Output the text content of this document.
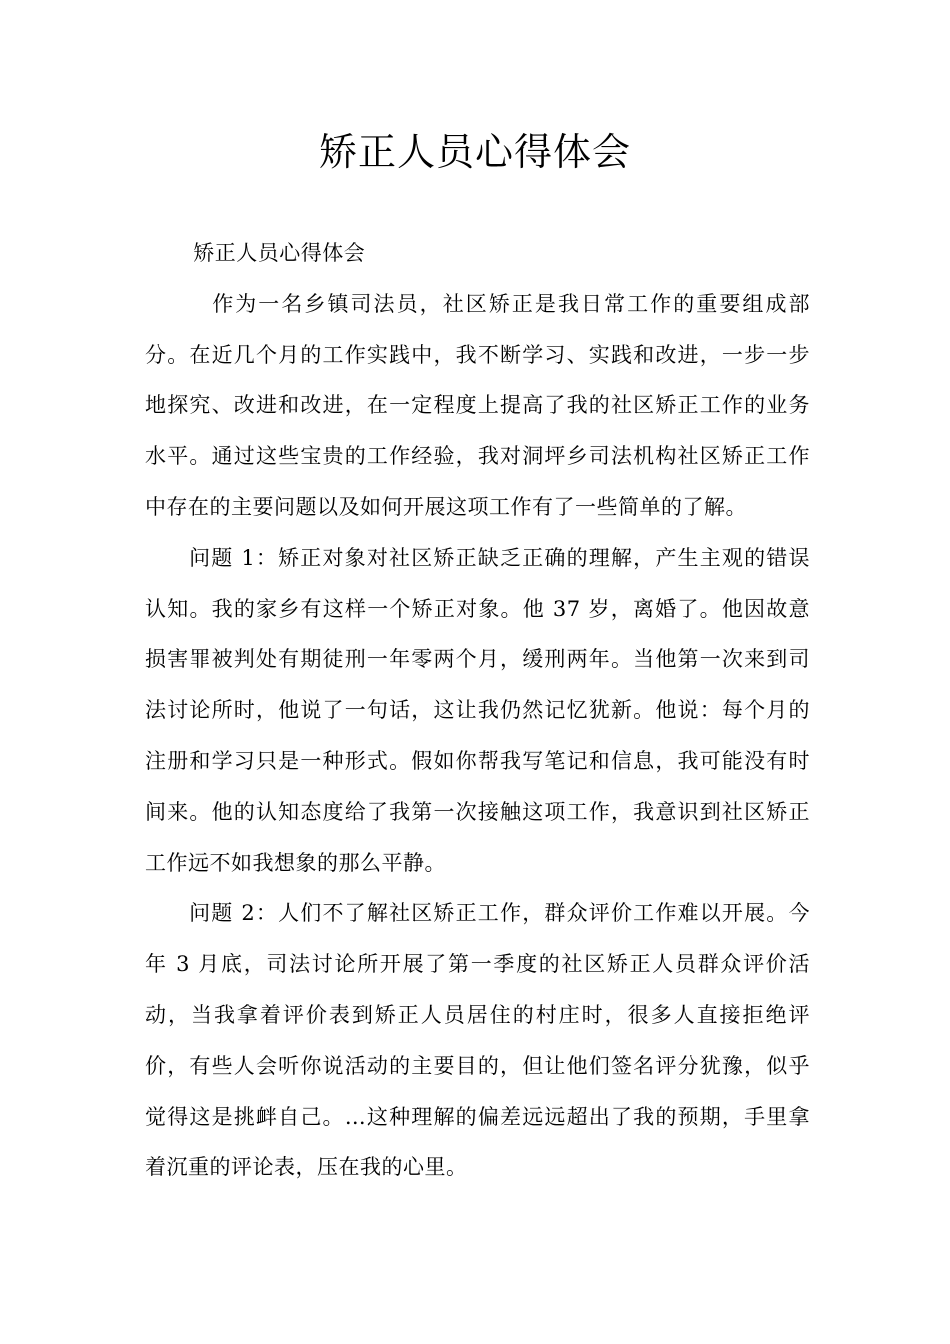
矫正人员心得体会

矫正人员心得体会

作为一名乡镇司法员，社区矫正是我日常工作的重要组成部分。在近几个月的工作实践中，我不断学习、实践和改进，一步一步地探究、改进和改进，在一定程度上提高了我的社区矫正工作的业务水平。通过这些宝贵的工作经验，我对洞坪乡司法机构社区矫正工作中存在的主要问题以及如何开展这项工作有了一些简单的了解。

问题 1：矫正对象对社区矫正缺乏正确的理解，产生主观的错误认知。我的家乡有这样一个矫正对象。他 37 岁，离婚了。他因故意损害罪被判处有期徒刑一年零两个月，缓刑两年。当他第一次来到司法讨论所时，他说了一句话，这让我仍然记忆犹新。他说：每个月的注册和学习只是一种形式。假如你帮我写笔记和信息，我可能没有时间来。他的认知态度给了我第一次接触这项工作，我意识到社区矫正工作远不如我想象的那么平静。

问题 2：人们不了解社区矫正工作，群众评价工作难以开展。今年 3 月底，司法讨论所开展了第一季度的社区矫正人员群众评价活动，当我拿着评价表到矫正人员居住的村庄时，很多人直接拒绝评价，有些人会听你说活动的主要目的，但让他们签名评分犹豫，似乎觉得这是挑衅自己。…这种理解的偏差远远超出了我的预期，手里拿着沉重的评论表，压在我的心里。
